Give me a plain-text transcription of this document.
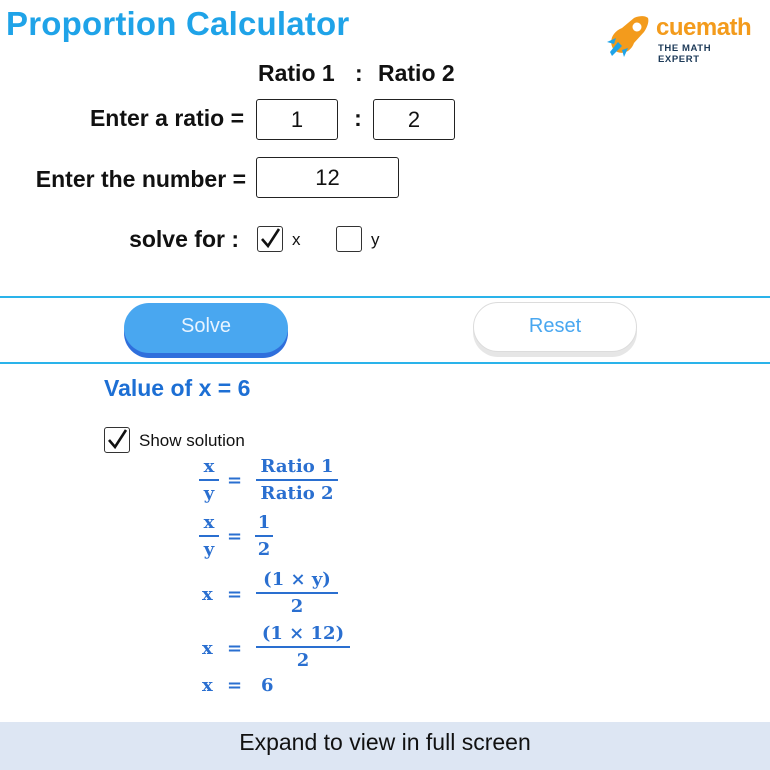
Proportion Calculator	cuemath
THE MATH EXPERT
Ratio 1 : Ratio 2
Enter a ratio =
1	:
2
Enter the number =
12
solve for :	x	y
Solve	Reset
Value of x = 6
Show solution
x
y
=
Ratio 1
Ratio 2
x
y
=
1
2
x =
(1 × y)
2
x =
(1 × 12)
2
x = 6
Expand to view in full screen
